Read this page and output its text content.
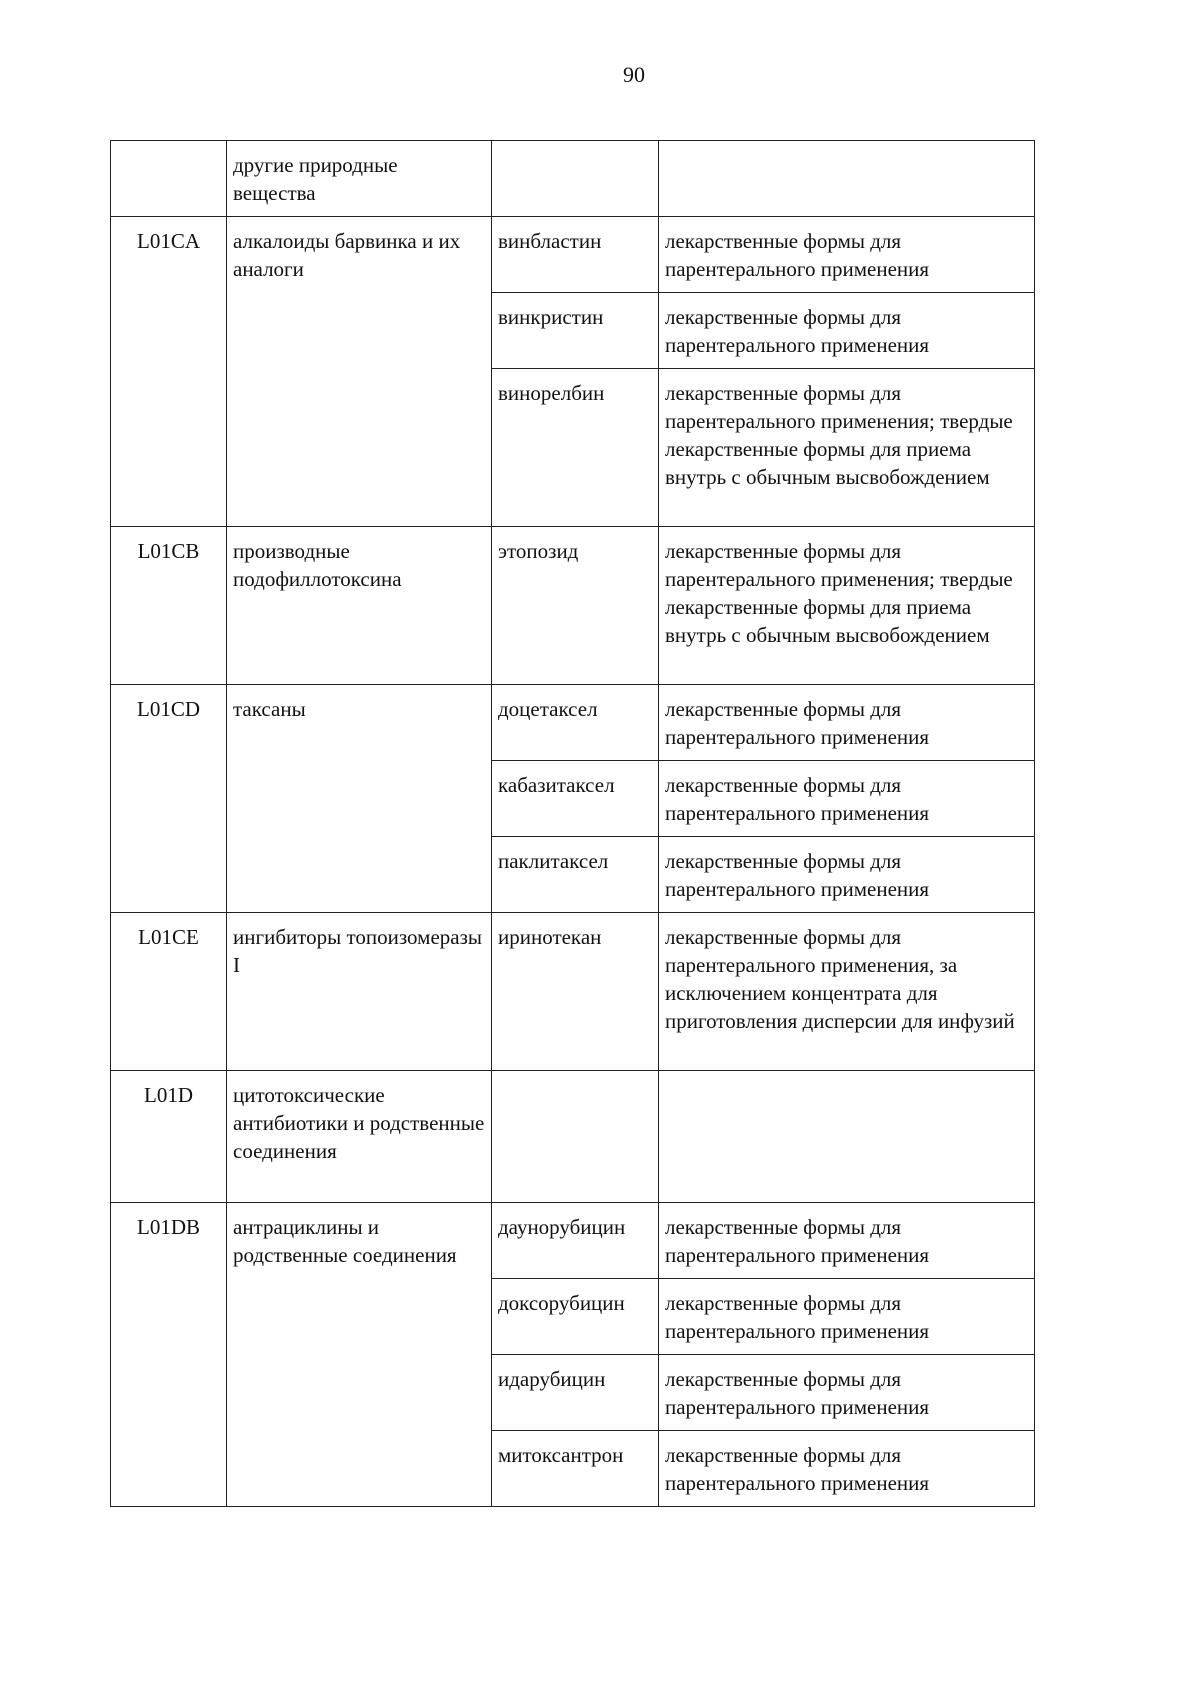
90
	другие природные вещества		
L01CA	алкалоиды барвинка и их аналоги	винбластин	лекарственные формы для парентерального применения
		винкристин	лекарственные формы для парентерального применения
		винорелбин	лекарственные формы для парентерального применения; твердые лекарственные формы для приема внутрь с обычным высвобождением
L01CB	производные подофиллотоксина	этопозид	лекарственные формы для парентерального применения; твердые лекарственные формы для приема внутрь с обычным высвобождением
L01CD	таксаны	доцетаксел	лекарственные формы для парентерального применения
		кабазитаксел	лекарственные формы для парентерального применения
		паклитаксел	лекарственные формы для парентерального применения
L01CE	ингибиторы топоизомеразы I	иринотекан	лекарственные формы для парентерального применения, за исключением концентрата для приготовления дисперсии для инфузий
L01D	цитотоксические антибиотики и родственные соединения		
L01DB	антрациклины и родственные соединения	даунорубицин	лекарственные формы для парентерального применения
		доксорубицин	лекарственные формы для парентерального применения
		идарубицин	лекарственные формы для парентерального применения
		митоксантрон	лекарственные формы для парентерального применения
